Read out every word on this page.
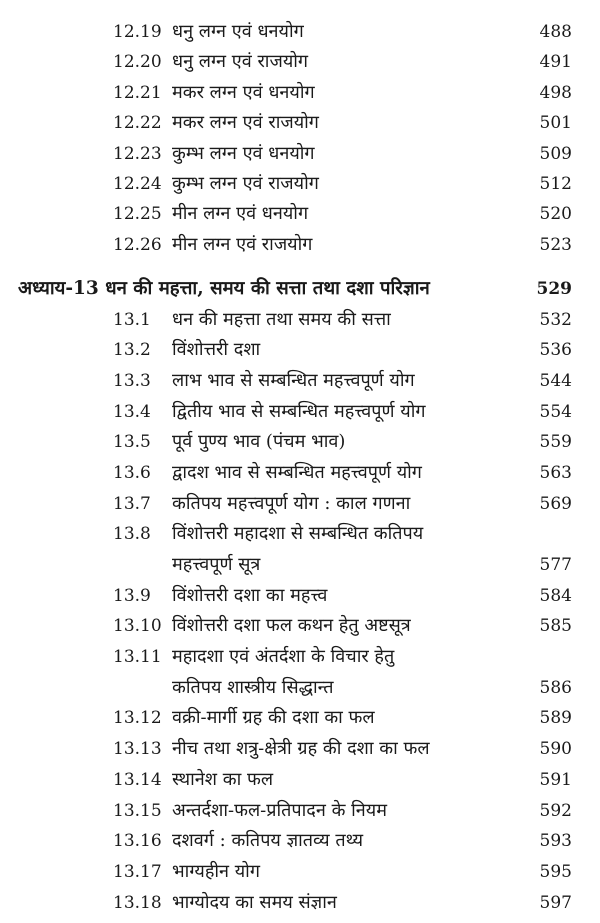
12.19 धनु लग्न एवं धनयोग	488
12.20 धनु लग्न एवं राजयोग	491
12.21 मकर लग्न एवं धनयोग	498
12.22 मकर लग्न एवं राजयोग	501
12.23 कुम्भ लग्न एवं धनयोग	509
12.24 कुम्भ लग्न एवं राजयोग	512
12.25 मीन लग्न एवं धनयोग	520
12.26 मीन लग्न एवं राजयोग	523
अध्याय-13 धन की महत्ता, समय की सत्ता तथा दशा परिज्ञान	529
13.1 धन की महत्ता तथा समय की सत्ता	532
13.2 विंशोत्तरी दशा	536
13.3 लाभ भाव से सम्बन्धित महत्त्वपूर्ण योग	544
13.4 द्वितीय भाव से सम्बन्धित महत्त्वपूर्ण योग	554
13.5 पूर्व पुण्य भाव (पंचम भाव)	559
13.6 द्वादश भाव से सम्बन्धित महत्त्वपूर्ण योग	563
13.7 कतिपय महत्त्वपूर्ण योग : काल गणना	569
13.8 विंशोत्तरी महादशा से सम्बन्धित कतिपय
महत्त्वपूर्ण सूत्र	577
13.9 विंशोत्तरी दशा का महत्त्व	584
13.10 विंशोत्तरी दशा फल कथन हेतु अष्टसूत्र	585
13.11 महादशा एवं अंतर्दशा के विचार हेतु
कतिपय शास्त्रीय सिद्धान्त	586
13.12 वक्री-मार्गी ग्रह की दशा का फल	589
13.13 नीच तथा शत्रु-क्षेत्री ग्रह की दशा का फल	590
13.14 स्थानेश का फल	591
13.15 अन्तर्दशा-फल-प्रतिपादन के नियम	592
13.16 दशवर्ग : कतिपय ज्ञातव्य तथ्य	593
13.17 भाग्यहीन योग	595
13.18 भाग्योदय का समय संज्ञान	597
